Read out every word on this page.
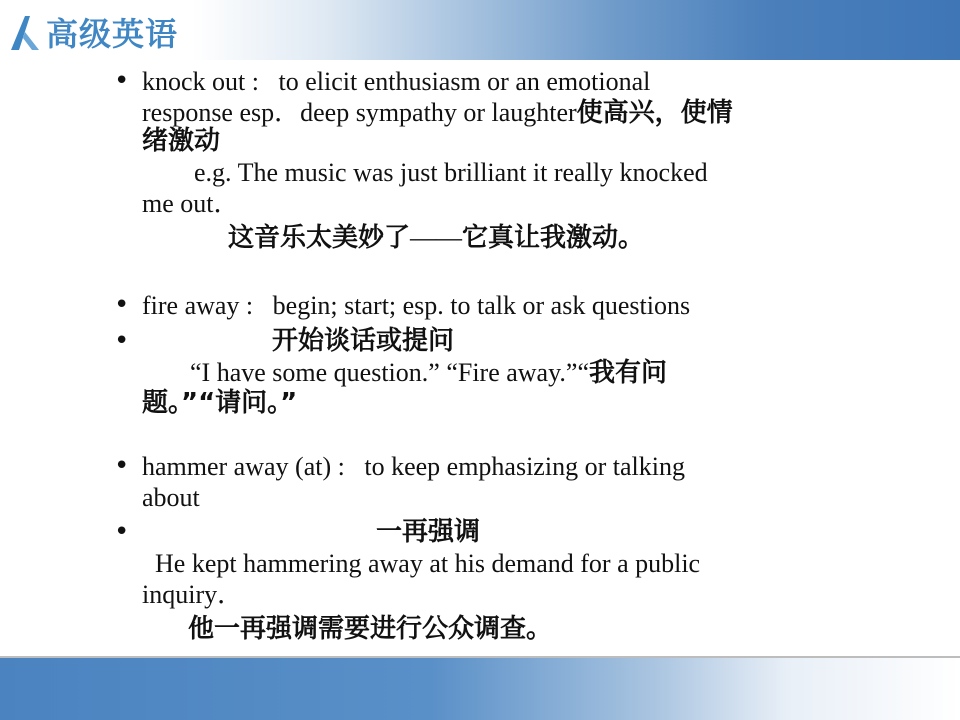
高级英语
• knock out : to elicit enthusiasm or an emotional
response esp．deep sympathy or laughter使高兴，使情
绪激动
e.g. The music was just brilliant it really knocked
me out．
这音乐太美妙了——它真让我激动。
• fire away : begin; start; esp. to talk or ask questions
•	开始谈话或提问
“I have some question.” “Fire away.”“我有问
题。”“请问。”
• hammer away (at) : to keep emphasizing or talking
about
•	一再强调
He kept hammering away at his demand for a public
inquiry．
他一再强调需要进行公众调查。
